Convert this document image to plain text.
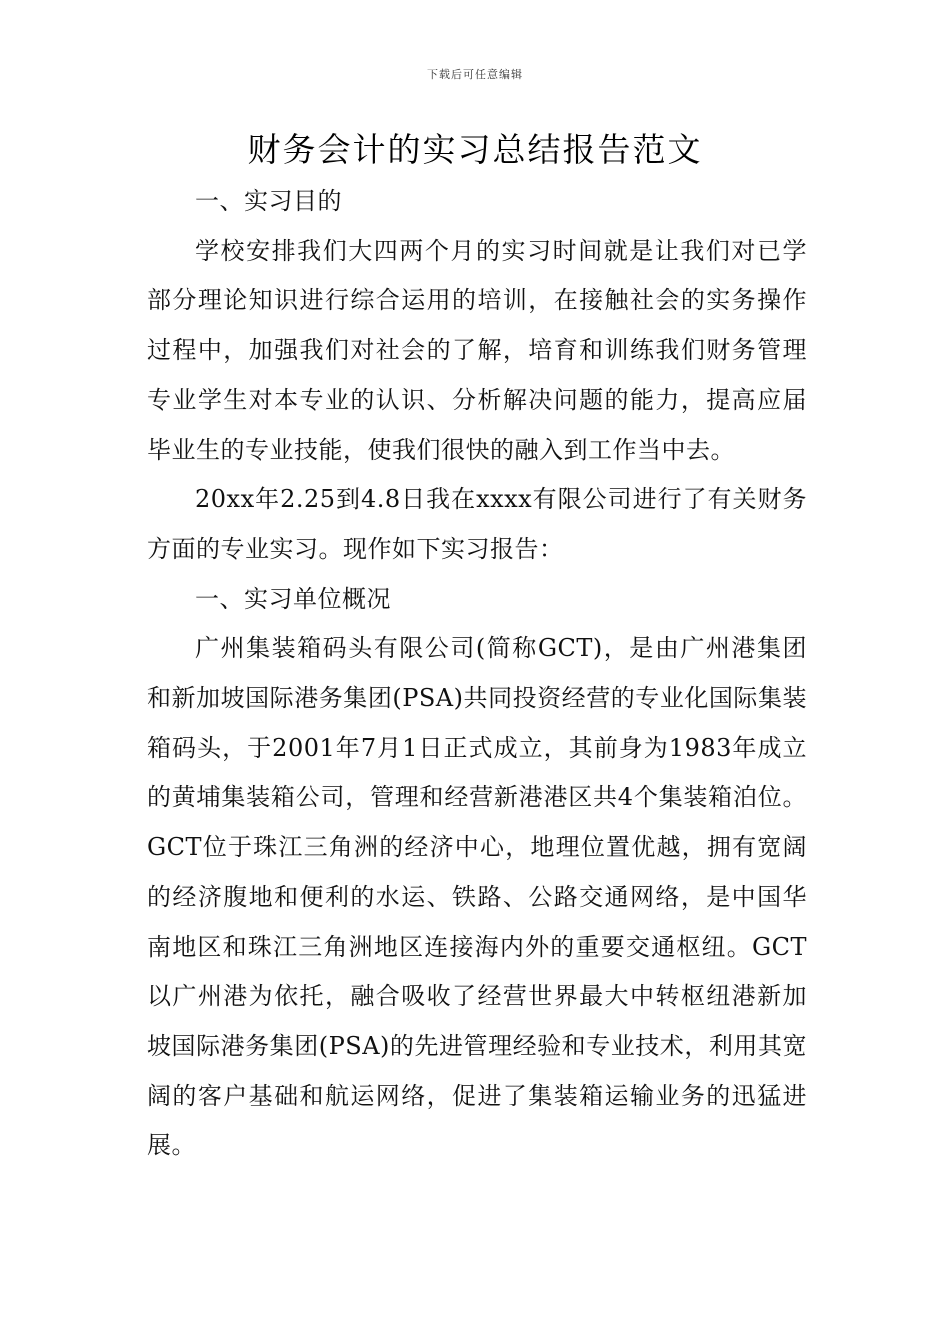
下载后可任意编辑
财务会计的实习总结报告范文

一、实习目的

学校安排我们大四两个月的实习时间就是让我们对已学部分理论知识进行综合运用的培训，在接触社会的实务操作过程中，加强我们对社会的了解，培育和训练我们财务管理专业学生对本专业的认识、分析解决问题的能力，提高应届毕业生的专业技能，使我们很快的融入到工作当中去。

20xx年2.25到4.8日我在xxxx有限公司进行了有关财务方面的专业实习。现作如下实习报告：

一、实习单位概况

广州集装箱码头有限公司(简称GCT)，是由广州港集团和新加坡国际港务集团(PSA)共同投资经营的专业化国际集装箱码头，于2001年7月1日正式成立，其前身为1983年成立的黄埔集装箱公司，管理和经营新港港区共4个集装箱泊位。GCT位于珠江三角洲的经济中心，地理位置优越，拥有宽阔的经济腹地和便利的水运、铁路、公路交通网络，是中国华南地区和珠江三角洲地区连接海内外的重要交通枢纽。GCT以广州港为依托，融合吸收了经营世界最大中转枢纽港新加坡国际港务集团(PSA)的先进管理经验和专业技术，利用其宽阔的客户基础和航运网络，促进了集装箱运输业务的迅猛进展。
